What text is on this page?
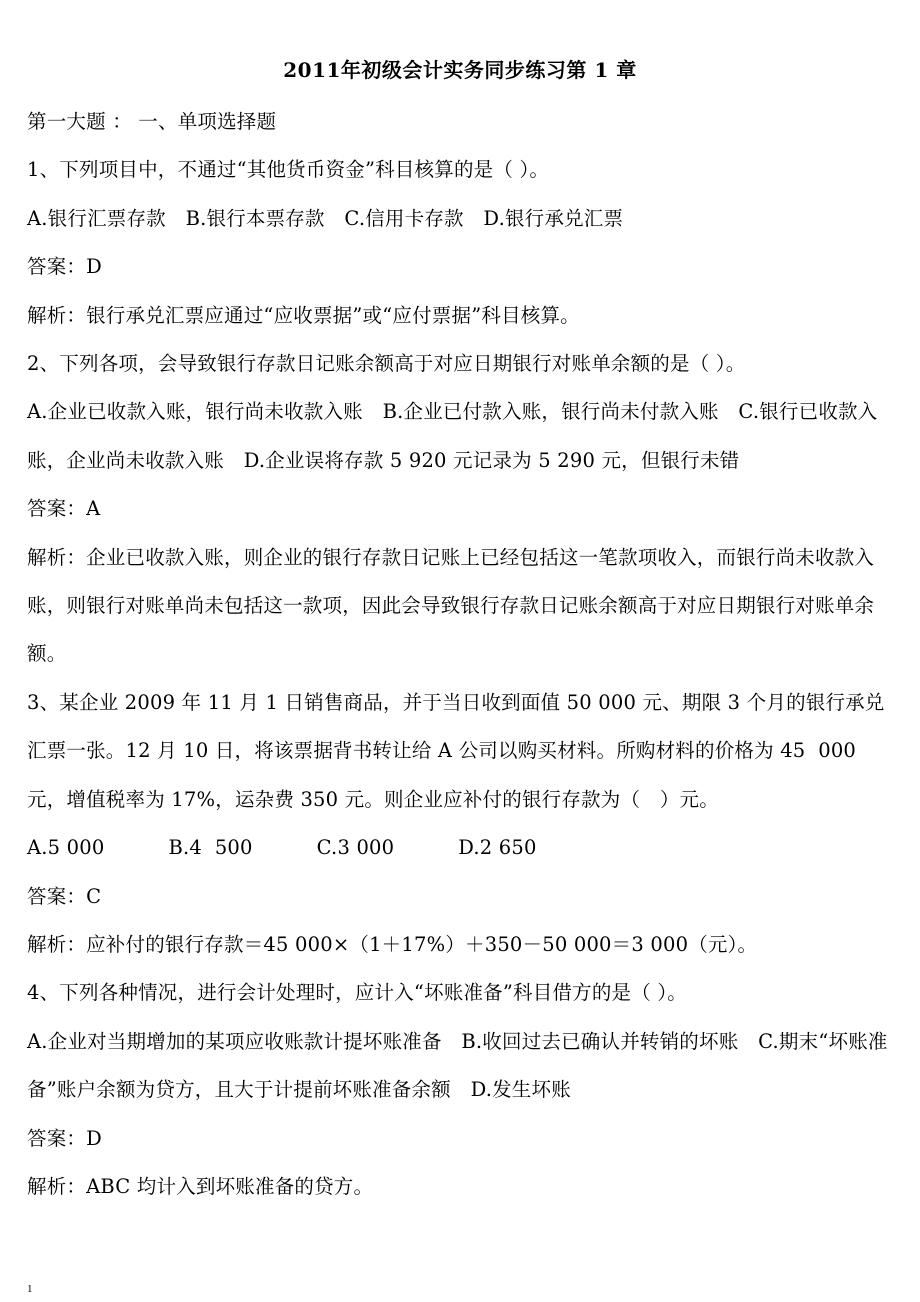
2011年初级会计实务同步练习第 1 章

第一大题 ： 一、单项选择题

1、下列项目中，不通过“其他货币资金”科目核算的是（ ）。

A.银行汇票存款　B.银行本票存款　C.信用卡存款　D.银行承兑汇票

答案：D

解析：银行承兑汇票应通过“应收票据”或“应付票据”科目核算。

2、下列各项，会导致银行存款日记账余额高于对应日期银行对账单余额的是（ ）。

A.企业已收款入账，银行尚未收款入账　B.企业已付款入账，银行尚未付款入账　C.银行已收款入账，企业尚未收款入账　D.企业误将存款 5 920 元记录为 5 290 元，但银行未错

答案：A

解析：企业已收款入账，则企业的银行存款日记账上已经包括这一笔款项收入，而银行尚未收款入账，则银行对账单尚未包括这一款项，因此会导致银行存款日记账余额高于对应日期银行对账单余额。

3、某企业 2009 年 11 月 1 日销售商品，并于当日收到面值 50 000 元、期限 3 个月的银行承兑汇票一张。12 月 10 日，将该票据背书转让给 A 公司以购买材料。所购材料的价格为 45  000 元，增值税率为 17%，运杂费 350 元。则企业应补付的银行存款为（　）元。

A.5 000          B.4  500          C.3 000          D.2 650

答案：C

解析：应补付的银行存款＝45 000×（1＋17%）＋350－50 000＝3 000（元）。

4、下列各种情况，进行会计处理时，应计入“坏账准备”科目借方的是（ ）。

A.企业对当期增加的某项应收账款计提坏账准备　B.收回过去已确认并转销的坏账　C.期末“坏账准备”账户余额为贷方，且大于计提前坏账准备余额　D.发生坏账

答案：D

解析：ABC 均计入到坏账准备的贷方。

1
